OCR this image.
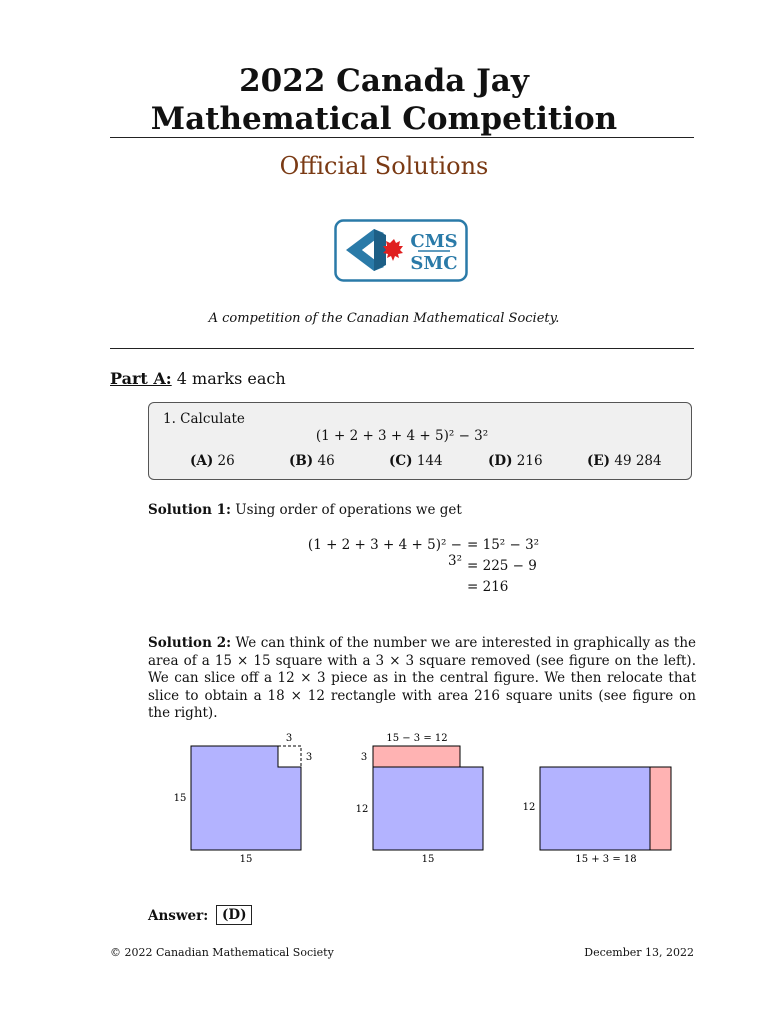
2022 Canada Jay
Mathematical Competition
Official Solutions
CMS
SMC
A competition of the Canadian Mathematical Society.
Part A: 4 marks each
1. Calculate
(1 + 2 + 3 + 4 + 5)² − 3²
(A) 26	(B) 46	(C) 144	(D) 216	(E) 49 284
Solution 1: Using order of operations we get
(1 + 2 + 3 + 4 + 5)² − 3²
= 15² − 3²
= 225 − 9
= 216
Solution 2: We can think of the number we are interested in graphically as the area of a 15 × 15 square with a 3 × 3 square removed (see figure on the left). We can slice off a 12 × 3 piece as in the central figure. We then relocate that slice to obtain a 18 × 12 rectangle with area 216 square units (see figure on the right).
15
15
3
3
15 − 3 = 12
3
12
15
12
15 + 3 = 18
Answer:	(D)
© 2022 Canadian Mathematical Society	December 13, 2022
